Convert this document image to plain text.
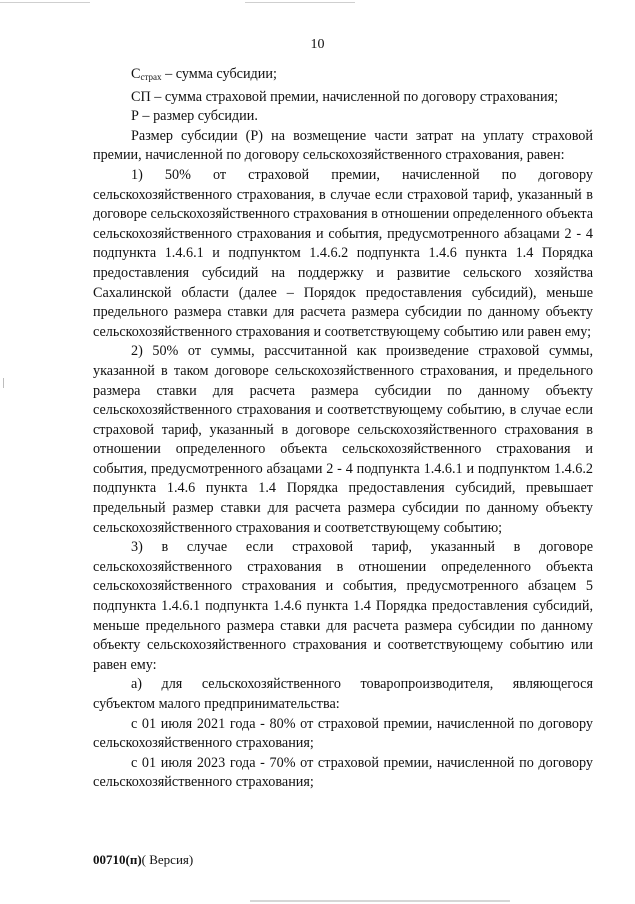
10

$C_{страх}$ – сумма субсидии;

СП – сумма страховой премии, начисленной по договору страхования;

Р – размер субсидии.

Размер субсидии (Р) на возмещение части затрат на уплату страховой премии, начисленной по договору сельскохозяйственного страхования, равен:

1) 50% от страховой премии, начисленной по договору сельскохозяйственного страхования, в случае если страховой тариф, указанный в договоре сельскохозяйственного страхования в отношении определенного объекта сельскохозяйственного страхования и события, предусмотренного абзацами 2 - 4 подпункта 1.4.6.1 и подпунктом 1.4.6.2 подпункта 1.4.6 пункта 1.4 Порядка предоставления субсидий на поддержку и развитие сельского хозяйства Сахалинской области (далее – Порядок предоставления субсидий), меньше предельного размера ставки для расчета размера субсидии по данному объекту сельскохозяйственного страхования и соответствующему событию или равен ему;

2) 50% от суммы, рассчитанной как произведение страховой суммы, указанной в таком договоре сельскохозяйственного страхования, и предельного размера ставки для расчета размера субсидии по данному объекту сельскохозяйственного страхования и соответствующему событию, в случае если страховой тариф, указанный в договоре сельскохозяйственного страхования в отношении определенного объекта сельскохозяйственного страхования и события, предусмотренного абзацами 2 - 4 подпункта 1.4.6.1 и подпунктом 1.4.6.2 подпункта 1.4.6 пункта 1.4 Порядка предоставления субсидий, превышает предельный размер ставки для расчета размера субсидии по данному объекту сельскохозяйственного страхования и соответствующему событию;

3) в случае если страховой тариф, указанный в договоре сельскохозяйственного страхования в отношении определенного объекта сельскохозяйственного страхования и события, предусмотренного абзацем 5 подпункта 1.4.6.1 подпункта 1.4.6 пункта 1.4 Порядка предоставления субсидий, меньше предельного размера ставки для расчета размера субсидии по данному объекту сельскохозяйственного страхования и соответствующему событию или равен ему:

а) для сельскохозяйственного товаропроизводителя, являющегося субъектом малого предпринимательства:

с 01 июля 2021 года - 80% от страховой премии, начисленной по договору сельскохозяйственного страхования;

с 01 июля 2023 года - 70% от страховой премии, начисленной по договору сельскохозяйственного страхования;

00710(п)( Версия)
